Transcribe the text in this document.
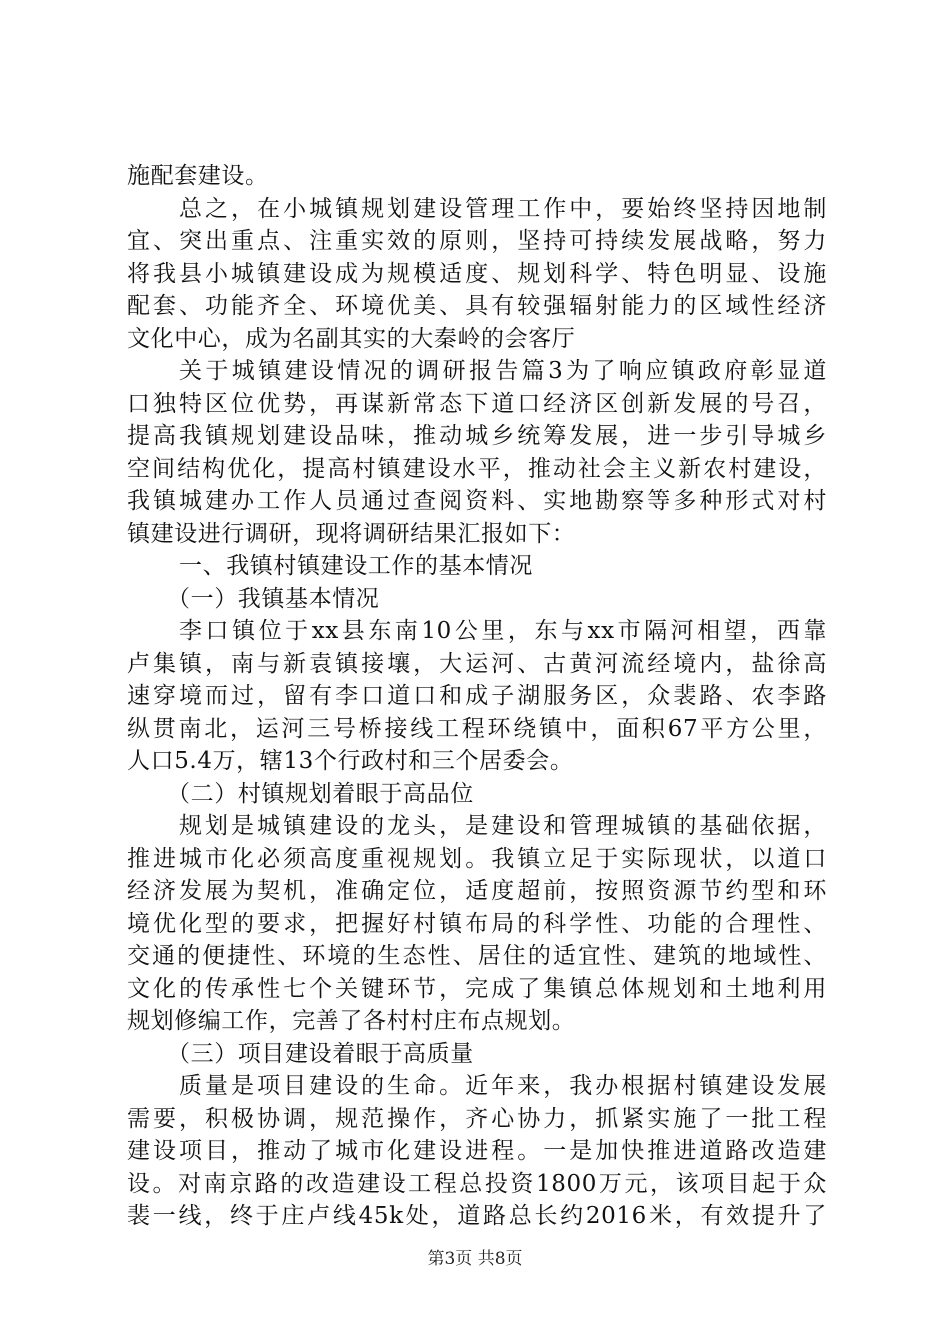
施配套建设。
总之，在小城镇规划建设管理工作中，要始终坚持因地制
宜、突出重点、注重实效的原则，坚持可持续发展战略，努力
将我县小城镇建设成为规模适度、规划科学、特色明显、设施
配套、功能齐全、环境优美、具有较强辐射能力的区域性经济
文化中心，成为名副其实的大秦岭的会客厅
关于城镇建设情况的调研报告篇3为了响应镇政府彰显道
口独特区位优势，再谋新常态下道口经济区创新发展的号召，
提高我镇规划建设品味，推动城乡统筹发展，进一步引导城乡
空间结构优化，提高村镇建设水平，推动社会主义新农村建设，
我镇城建办工作人员通过查阅资料、实地勘察等多种形式对村
镇建设进行调研，现将调研结果汇报如下：
一、我镇村镇建设工作的基本情况
（一）我镇基本情况
李口镇位于xx县东南10公里，东与xx市隔河相望，西靠
卢集镇，南与新袁镇接壤，大运河、古黄河流经境内，盐徐高
速穿境而过，留有李口道口和成子湖服务区，众裴路、农李路
纵贯南北，运河三号桥接线工程环绕镇中，面积67平方公里，
人口5.4万，辖13个行政村和三个居委会。
（二）村镇规划着眼于高品位
规划是城镇建设的龙头，是建设和管理城镇的基础依据，
推进城市化必须高度重视规划。我镇立足于实际现状，以道口
经济发展为契机，准确定位，适度超前，按照资源节约型和环
境优化型的要求，把握好村镇布局的科学性、功能的合理性、
交通的便捷性、环境的生态性、居住的适宜性、建筑的地域性、
文化的传承性七个关键环节，完成了集镇总体规划和土地利用
规划修编工作，完善了各村村庄布点规划。
（三）项目建设着眼于高质量
质量是项目建设的生命。近年来，我办根据村镇建设发展
需要，积极协调，规范操作，齐心协力，抓紧实施了一批工程
建设项目，推动了城市化建设进程。一是加快推进道路改造建
设。对南京路的改造建设工程总投资1800万元，该项目起于众
裴一线，终于庄卢线45k处，道路总长约2016米，有效提升了
第3页 共8页
